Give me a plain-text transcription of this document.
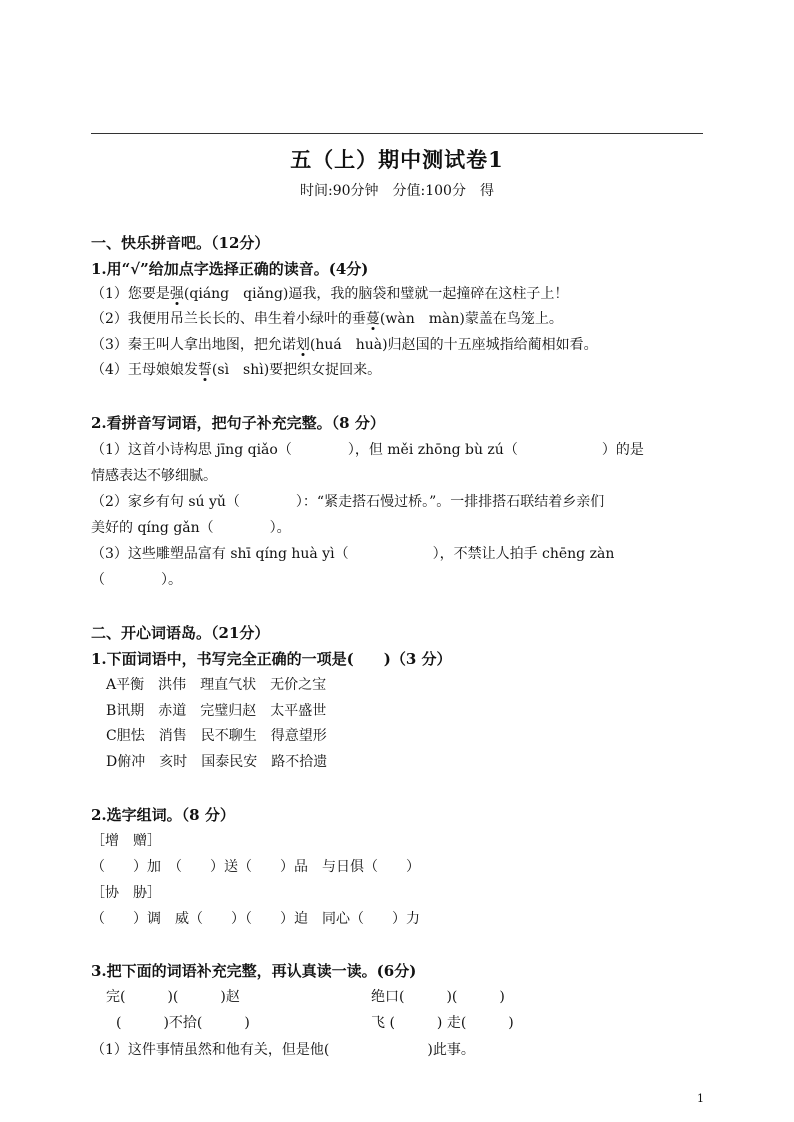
五（上）期中测试卷1
时间:90分钟　分值:100分　得
一、快乐拼音吧。（12分）
1.用“√”给加点字选择正确的读音。(4分)
（1）您要是强(qiáng　qiǎng)逼我，我的脑袋和璧就一起撞碎在这柱子上！
（2）我便用吊兰长长的、串生着小绿叶的垂蔓(wàn　màn)蒙盖在鸟笼上。
（3）秦王叫人拿出地图，把允诺划(huá　huà)归赵国的十五座城指给蔺相如看。
（4）王母娘娘发誓(sì　shì)要把织女捉回来。
2.看拼音写词语，把句子补充完整。（8 分）
（1）这首小诗构思 jīng qiǎo（　　　　），但 měi zhōng bù zú（　　　　　　）的是
情感表达不够细腻。
（2）家乡有句 sú yǔ（　　　　）：“紧走搭石慢过桥。”。一排排搭石联结着乡亲们
美好的 qíng gǎn（　　　　）。
（3）这些雕塑品富有 shī qíng huà yì（　　　　　　），不禁让人拍手 chēng zàn
（　　　　）。
二、开心词语岛。（21分）
1.下面词语中，书写完全正确的一项是(　　)（3 分）
A平衡　洪伟　理直气状　无价之宝
B讯期　赤道　完璧归赵　太平盛世
C胆怯　消售　民不聊生　得意望形
D俯冲　亥时　国泰民安　路不拾遗
2.选字组词。（8 分）
［增　赠］
（　　）加　（　　）送（　　）品　与日俱（　　）
［协　胁］
（　　）调　威（　　）（　　）迫　同心（　　）力
3.把下面的词语补充完整，再认真读一读。(6分)
完(　　　)(　　　)赵	绝口(　　　)(　　　)
(　　　)不拾(　　　)	飞 (　　　) 走(　　　)
（1）这件事情虽然和他有关，但是他(　　　　　　　)此事。
1
